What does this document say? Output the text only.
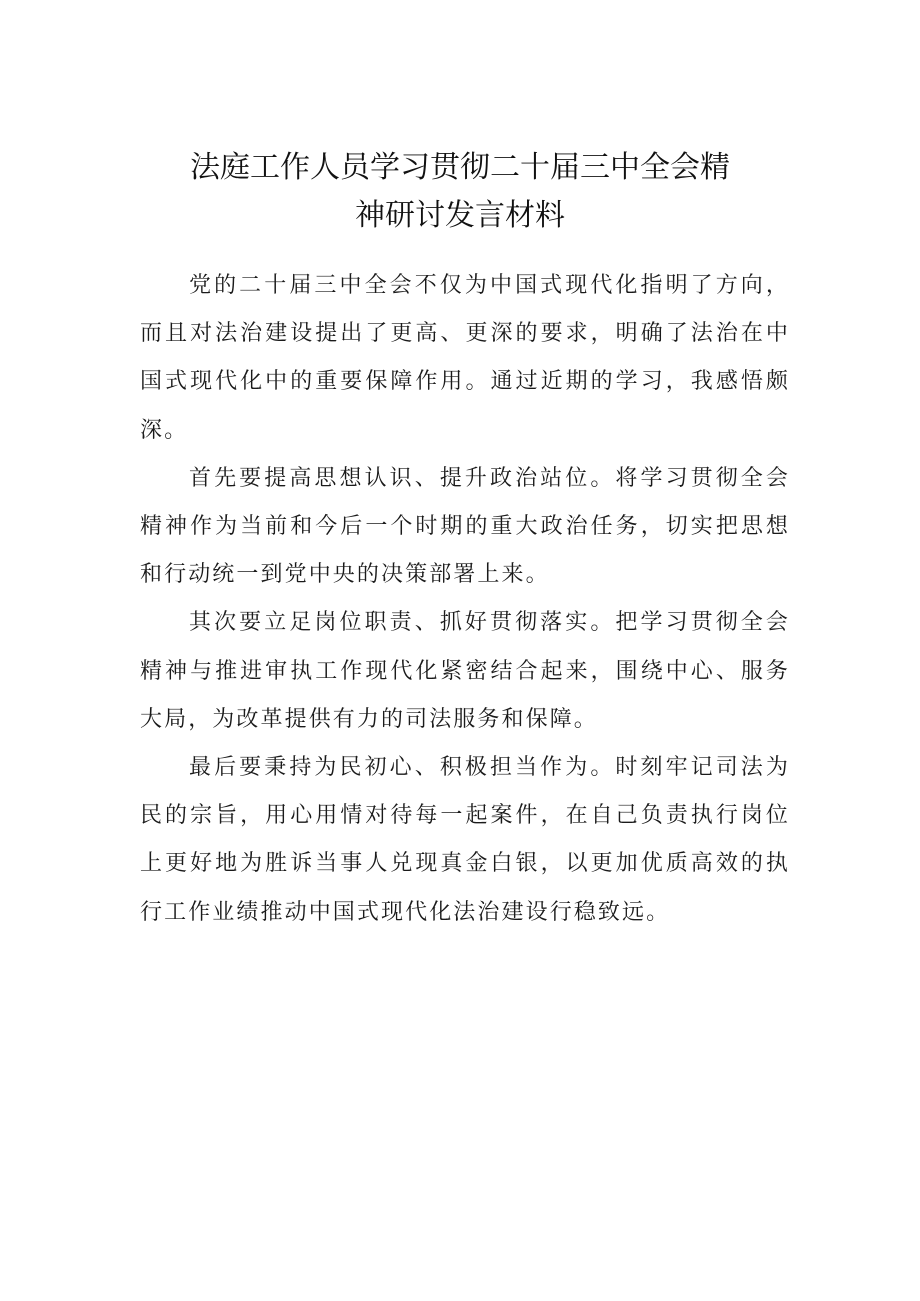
法庭工作人员学习贯彻二十届三中全会精
神研讨发言材料

党的二十届三中全会不仅为中国式现代化指明了方向，而且对法治建设提出了更高、更深的要求，明确了法治在中国式现代化中的重要保障作用。通过近期的学习，我感悟颇深。

首先要提高思想认识、提升政治站位。将学习贯彻全会精神作为当前和今后一个时期的重大政治任务，切实把思想和行动统一到党中央的决策部署上来。

其次要立足岗位职责、抓好贯彻落实。把学习贯彻全会精神与推进审执工作现代化紧密结合起来，围绕中心、服务大局，为改革提供有力的司法服务和保障。

最后要秉持为民初心、积极担当作为。时刻牢记司法为民的宗旨，用心用情对待每一起案件，在自己负责执行岗位上更好地为胜诉当事人兑现真金白银，以更加优质高效的执行工作业绩推动中国式现代化法治建设行稳致远。
